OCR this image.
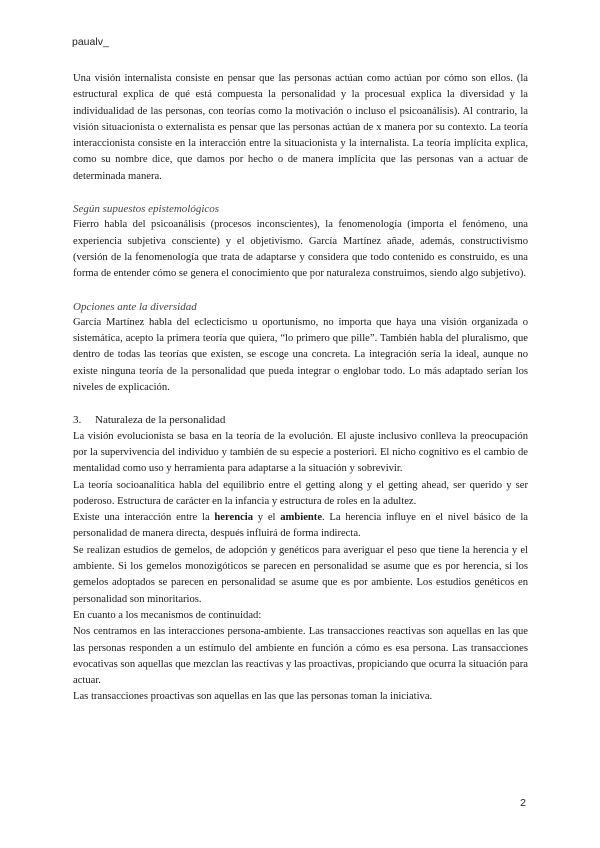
paualv_

Una visión internalista consiste en pensar que las personas actúan como actúan por cómo son ellos. (la estructural explica de qué está compuesta la personalidad y la procesual explica la diversidad y la individualidad de las personas, con teorías como la motivación o incluso el psicoanálisis). Al contrario, la visión situacionista o externalista es pensar que las personas actúan de x manera por su contexto. La teoría interaccionista consiste en la interacción entre la situacionista y la internalista. La teoría implícita explica, como su nombre dice, que damos por hecho o de manera implícita que las personas van a actuar de determinada manera.

Según supuestos epistemológicos

Fierro habla del psicoanálisis (procesos inconscientes), la fenomenología (importa el fenómeno, una experiencia subjetiva consciente) y el objetivismo. García Martínez añade, además, constructivismo (versión de la fenomenología que trata de adaptarse y considera que todo contenido es construido, es una forma de entender cómo se genera el conocimiento que por naturaleza construimos, siendo algo subjetivo).

Opciones ante la diversidad

García Martínez habla del eclecticismo u oportunismo, no importa que haya una visión organizada o sistemática, acepto la primera teoría que quiera, “lo primero que pille”. También habla del pluralismo, que dentro de todas las teorías que existen, se escoge una concreta. La integración sería la ideal, aunque no existe ninguna teoría de la personalidad que pueda integrar o englobar todo. Lo más adaptado serían los niveles de explicación.

3. Naturaleza de la personalidad

La visión evolucionista se basa en la teoría de la evolución. El ajuste inclusivo conlleva la preocupación por la supervivencia del individuo y también de su especie a posteriori. El nicho cognitivo es el cambio de mentalidad como uso y herramienta para adaptarse a la situación y sobrevivir.

La teoría socioanalítica habla del equilibrio entre el getting along y el getting ahead, ser querido y ser poderoso. Estructura de carácter en la infancia y estructura de roles en la adultez.

Existe una interacción entre la herencia y el ambiente. La herencia influye en el nivel básico de la personalidad de manera directa, después influirá de forma indirecta.

Se realizan estudios de gemelos, de adopción y genéticos para averiguar el peso que tiene la herencia y el ambiente. Si los gemelos monozigóticos se parecen en personalidad se asume que es por herencia, si los gemelos adoptados se parecen en personalidad se asume que es por ambiente. Los estudios genéticos en personalidad son minoritarios.

En cuanto a los mecanismos de continuidad:

Nos centramos en las interacciones persona-ambiente. Las transacciones reactivas son aquellas en las que las personas responden a un estímulo del ambiente en función a cómo es esa persona. Las transacciones evocativas son aquellas que mezclan las reactivas y las proactivas, propiciando que ocurra la situación para actuar.

Las transacciones proactivas son aquellas en las que las personas toman la iniciativa.

2
